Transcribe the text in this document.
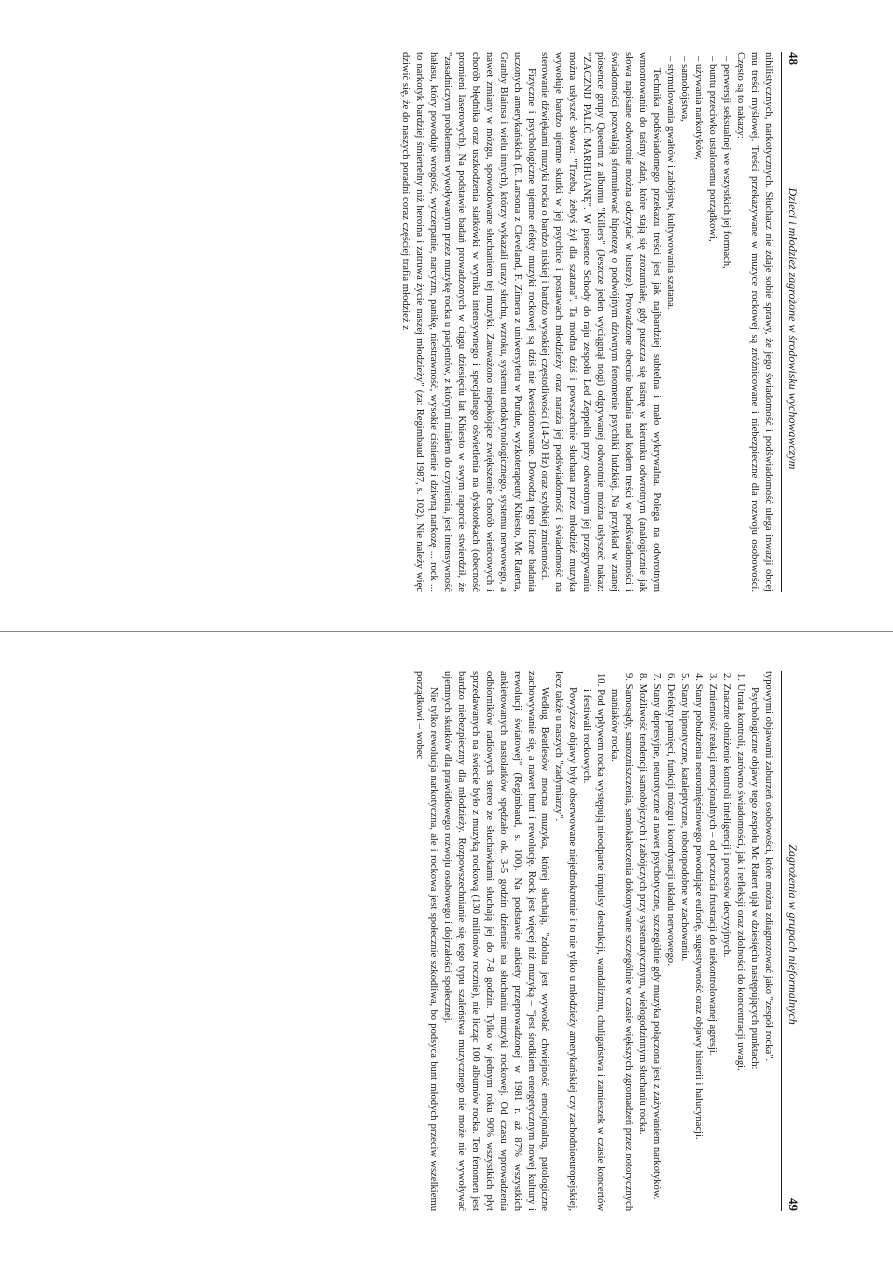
48
Dzieci i młodzież zagrożone w środowisku wychowawczym

nihilistycznych, narkotycznych. Słuchacz nie zdaje sobie sprawy, że jego świadomość i podświadomość ulega inwazji obcej mu treści myślowej. Treści przekazywane w muzyce rockowej są zróżnicowane i niebezpieczne dla rozwoju osobowości. Często są to nakazy:

– perwersji seksualnej we wszystkich jej formach,
– buntu przeciwko ustalonemu porządkowi,
– używania narkotyków,
– samobójstwa,
– stymulowania gwałtów i zabójstw, kultywowania szatana.

Technika podświadomego przekazu treści jest jak najbardziej subtelna i mało wykrywalna. Polega na odwrotnym wmontowaniu do taśmy zdań, które stają się zrozumiałe, gdy puszcza się taśmę w kierunku odwrotnym (analogicznie jak słowa napisane odwrotnie można odczytać w lustrze). Prowadzone obecnie badania nad kodem treści w podświadomości i świadomości pozwalają sformułować hipotezę o podwójnym dziwnym fenomenie psychiki ludzkiej. Na przykład w znanej piosence grupy Queenm z albumu "Killers" (Jeszcze jeden wyciągnął nogi) odgrywanej odwrotnie można usłyszeć nakaz: "ZACZNIJ PALIĆ MARIHUANĘ". W piosence Schody do raju zespołu Led Zeppelin przy odwrotnym jej przegrywaniu można usłyszeć słowa: "Trzeba, żebyś żył dla szatana". Ta modna dziś i powszechnie słuchana przez młodzież muzyka wywołuje bardzo ujemne skutki w jej psychice i postawach młodzieży oraz naraża jej podświadomość i świadomość na sterowanie dźwiękami muzyki rocka o bardzo niskiej i bardzo wysokiej częstotliwości (14-20 Hz) oraz szybkiej zmienności.

Fizyczne i psychologiczne ujemne efekty muzyki rockowej są dziś nie kwestionowane. Dowodzą tego liczne badania uczonych amerykańskich (E. Larsona z Cleveland, F. Zimera z uniwersytetu w Purdue, wyzkoterapeuty Khiesto, Mc Raterta, Granby Blainsa i wielu innych), którzy wykazali urazy słuchu, wzroku, systemu endokrynologicznego, systemu nerwowego, a nawet zmiany w mózgu, spowodowane słuchaniem tej muzyki. Zauważono niepokojące zwiększenie chorób wieńcowych i chorób błędnika oraz uszkodzenia siatkówki w wyniku intensywnego i specjalnego oświetlenia na dyskotekach (obecność promieni laserowych). Na podstawie badań prowadzonych w ciągu dziesięciu lat Khiesto w swym raporcie stwierdził, że "zasadniczym problemem wywoływanym przez muzykę rocka u pacjentów, z którymi miałem do czynienia, jest intensywność hałasu, który powoduje wrogość, wyczerpanie, narcyzm, panikę, niestrawność, wysokie ciśnienie i dziwną narkozę ... rock ... to narkotyk bardziej śmiertelny niż heroina i zatruwa życie naszej młodzieży" (za: Regimbaud 1987, s. 102). Nie należy więc dziwić się, że do naszych poradni coraz częściej trafia młodzież z

Zagrożenia w grupach nieformalnych
49

typowymi objawami zaburzeń osobowości, które można zdiagnozować jako "zespół rocka".

Psychologiczne objawy tego zespołu Mc Ratert ujął w dziesięciu następujących punktach:

1. Utrata kontroli, zarówno świadomości, jak i refleksji oraz zdolności do koncentracji uwagi.
2. Znaczne obniżenie kontroli inteligencji i procesów decyzyjnych.
3. Zmienność reakcji emocjonalnych – od poczucia frustracji do niekontrolowanej agresji.
4. Stany pobudzenia neuromięśniowego powodujące euforię, sugestywność oraz objawy histerii i halucynacji.
5. Stany hipnotyczne, kataleptyczne, robotopodobne w zachowaniu.
6. Defekty pamięci, funkcji mózgu i koordynacji układu nerwowego.
7. Stany depresyjne, neurotyczne a nawet psychotyczne, szczególnie gdy muzyka połączona jest z zażywaniem narkotyków.
8. Możliwość tendencji samobójczych i zabójczych przy systematycznym, wielogodzinnym słuchaniu rocka.
9. Samosądy, samozniszczenia, samokaleczenia dokonywane szczególnie w czasie większych zgromadzeń przez notorycznych maniaków rocka.
10. Pod wpływem rocka występują nieodparte impulsy destrukcji, wandalizmu, chuligaństwa i zamieszek w czasie koncertów i festiwali rockowych.

Powyższe objawy były obserwowane niejednokrotnie i to nie tylko u młodzieży amerykańskiej czy zachodnioeuropejskiej, lecz także u naszych "zadymiarzy".

Według Beatlesów mocna muzyka, której słuchają, "zdolna jest wywołać chwiejność emocjonalną, patologiczne zachowywanie się, a nawet bunt i rewolucję. Rock jest więcej niż muzyką – "jest środkiem energetycznym nowej kultury i rewolucji światowej" (Regimbaud, s. 100). Na podstawie ankiety przeprowadzonej w 1981 r. aż 87% wszystkich ankietowanych nastolatków spędzało ok. 3-5 godzin dziennie na słuchaniu muzyki rockowej. Od czasu wprowadzenia odbiorników radiowych stereo ze słuchawkami słuchają jej do 7-8 godzin. Tylko w jednym roku 90% wszystkich płyt sprzedawanych na świecie było z muzyką rockową (130 milionów rocznie), nie licząc 100 albumów rocka. Ten fenomen jest bardzo niebezpieczny dla młodzieży. Rozpowszechnianie się tego typu szaleństwa muzycznego nie może nie wywoływać ujemnych skutków dla prawidłowego rozwoju osobowego i dojrzałości społecznej.

Nie tylko rewolucja narkotyczna, ale i rockowa jest społecznie szkodliwa, bo podsyca bunt młodych przeciw wszelkiemu porządkowi – wobec
